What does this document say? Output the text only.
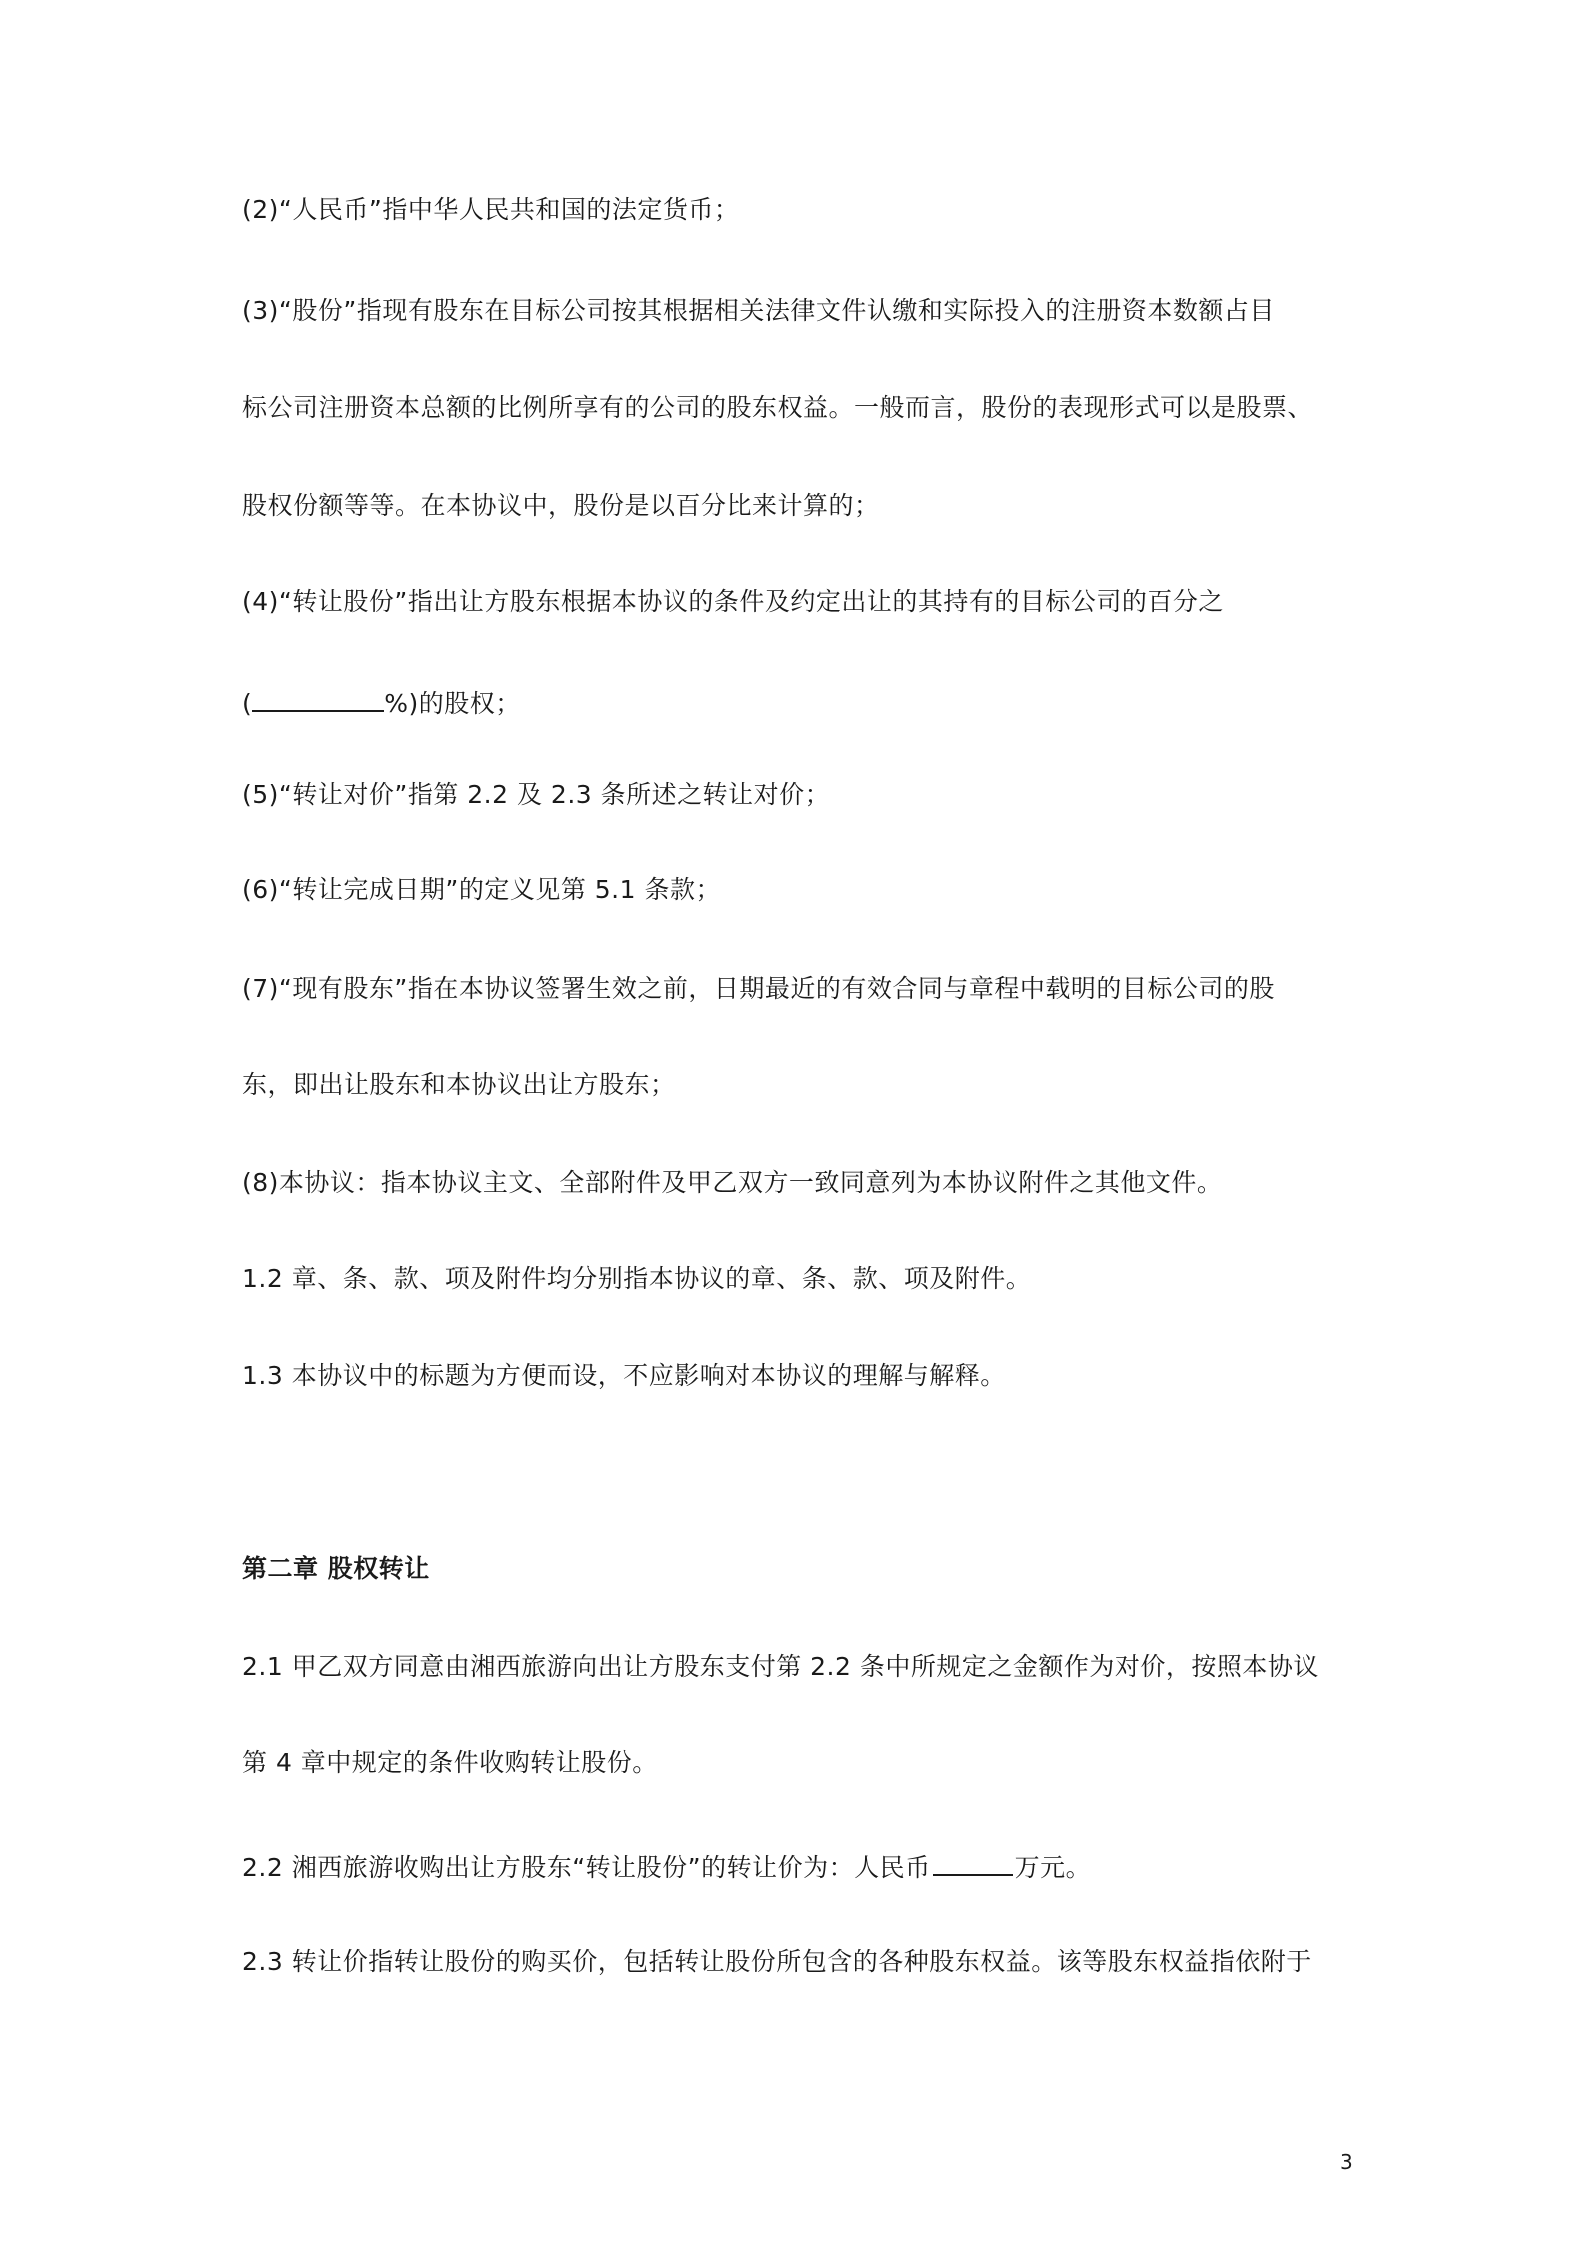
(2)“人民币”指中华人民共和国的法定货币；
(3)“股份”指现有股东在目标公司按其根据相关法律文件认缴和实际投入的注册资本数额占目
标公司注册资本总额的比例所享有的公司的股东权益。一般而言，股份的表现形式可以是股票、
股权份额等等。在本协议中，股份是以百分比来计算的；
(4)“转让股份”指出让方股东根据本协议的条件及约定出让的其持有的目标公司的百分之
(	%)的股权；
(5)“转让对价”指第 2.2 及 2.3 条所述之转让对价；
(6)“转让完成日期”的定义见第 5.1 条款；
(7)“现有股东”指在本协议签署生效之前，日期最近的有效合同与章程中载明的目标公司的股
东，即出让股东和本协议出让方股东；
(8)本协议：指本协议主文、全部附件及甲乙双方一致同意列为本协议附件之其他文件。
1.2 章、条、款、项及附件均分别指本协议的章、条、款、项及附件。
1.3 本协议中的标题为方便而设，不应影响对本协议的理解与解释。
第二章 股权转让
2.1 甲乙双方同意由湘西旅游向出让方股东支付第 2.2 条中所规定之金额作为对价，按照本协议
第 4 章中规定的条件收购转让股份。
2.2 湘西旅游收购出让方股东“转让股份”的转让价为：人民币	万元。
2.3 转让价指转让股份的购买价，包括转让股份所包含的各种股东权益。该等股东权益指依附于
3
